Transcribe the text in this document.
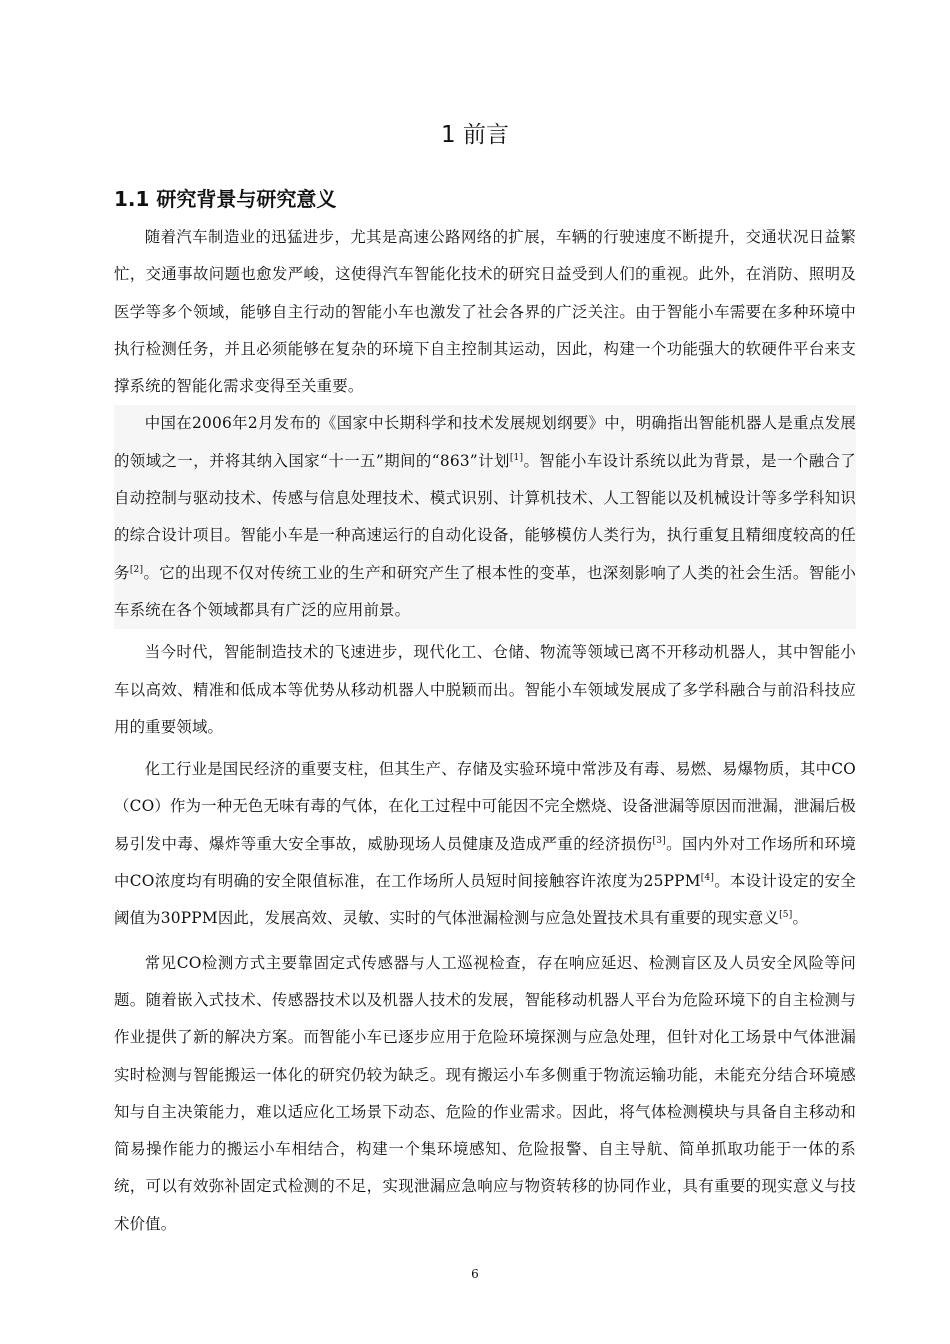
1 前言
1.1 研究背景与研究意义

随着汽车制造业的迅猛进步，尤其是高速公路网络的扩展，车辆的行驶速度不断提升，交通状况日益繁忙，交通事故问题也愈发严峻，这使得汽车智能化技术的研究日益受到人们的重视。此外，在消防、照明及医学等多个领域，能够自主行动的智能小车也激发了社会各界的广泛关注。由于智能小车需要在多种环境中执行检测任务，并且必须能够在复杂的环境下自主控制其运动，因此，构建一个功能强大的软硬件平台来支撑系统的智能化需求变得至关重要。

中国在2006年2月发布的《国家中长期科学和技术发展规划纲要》中，明确指出智能机器人是重点发展的领域之一，并将其纳入国家“十一五”期间的“863”计划[1]。智能小车设计系统以此为背景，是一个融合了自动控制与驱动技术、传感与信息处理技术、模式识别、计算机技术、人工智能以及机械设计等多学科知识的综合设计项目。智能小车是一种高速运行的自动化设备，能够模仿人类行为，执行重复且精细度较高的任务[2]。它的出现不仅对传统工业的生产和研究产生了根本性的变革，也深刻影响了人类的社会生活。智能小车系统在各个领域都具有广泛的应用前景。

当今时代，智能制造技术的飞速进步，现代化工、仓储、物流等领域已离不开移动机器人，其中智能小车以高效、精准和低成本等优势从移动机器人中脱颖而出。智能小车领域发展成了多学科融合与前沿科技应用的重要领域。

化工行业是国民经济的重要支柱，但其生产、存储及实验环境中常涉及有毒、易燃、易爆物质，其中CO（CO）作为一种无色无味有毒的气体，在化工过程中可能因不完全燃烧、设备泄漏等原因而泄漏，泄漏后极易引发中毒、爆炸等重大安全事故，威胁现场人员健康及造成严重的经济损伤[3]。国内外对工作场所和环境中CO浓度均有明确的安全限值标准，在工作场所人员短时间接触容许浓度为25PPM[4]。本设计设定的安全阈值为30PPM因此，发展高效、灵敏、实时的气体泄漏检测与应急处置技术具有重要的现实意义[5]。

常见CO检测方式主要靠固定式传感器与人工巡视检查，存在响应延迟、检测盲区及人员安全风险等问题。随着嵌入式技术、传感器技术以及机器人技术的发展，智能移动机器人平台为危险环境下的自主检测与作业提供了新的解决方案。而智能小车已逐步应用于危险环境探测与应急处理，但针对化工场景中气体泄漏实时检测与智能搬运一体化的研究仍较为缺乏。现有搬运小车多侧重于物流运输功能，未能充分结合环境感知与自主决策能力，难以适应化工场景下动态、危险的作业需求。因此，将气体检测模块与具备自主移动和简易操作能力的搬运小车相结合，构建一个集环境感知、危险报警、自主导航、简单抓取功能于一体的系统，可以有效弥补固定式检测的不足，实现泄漏应急响应与物资转移的协同作业，具有重要的现实意义与技术价值。

6
